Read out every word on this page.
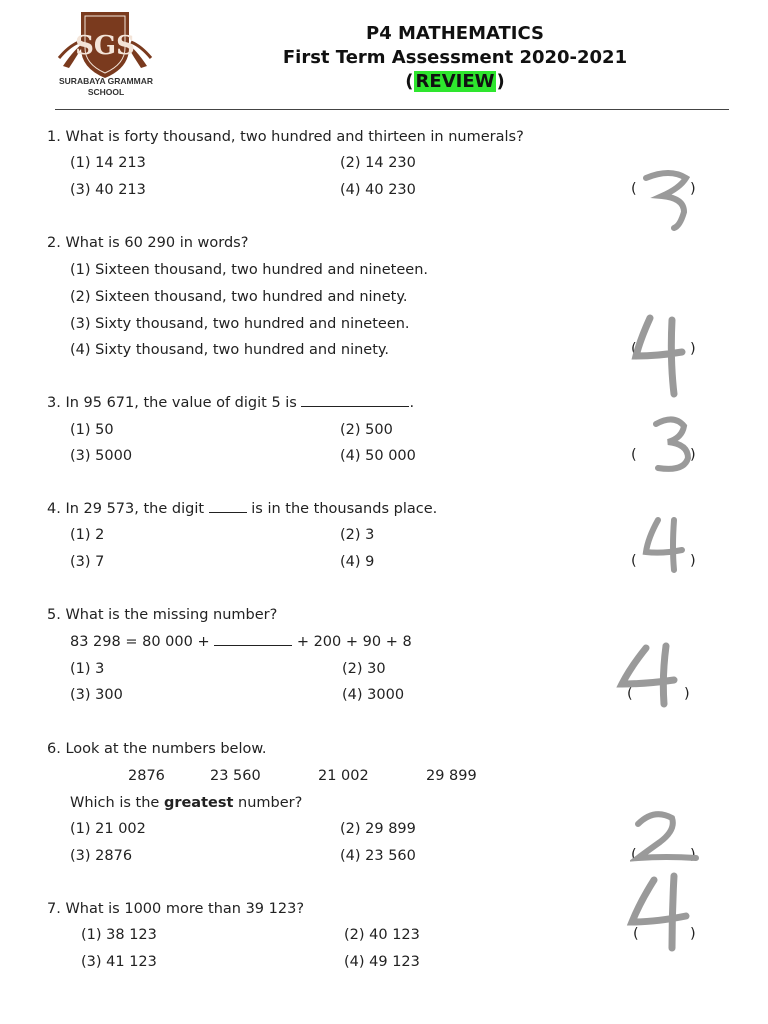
SGS
SURABAYA GRAMMAR
SCHOOL
P4 MATHEMATICS
First Term Assessment 2020-2021
( REVIEW )
1. What is forty thousand, two hundred and thirteen in numerals?
(1) 14 213	(2) 14 230
(3) 40 213	(4) 40 230	(	)
2. What is 60 290 in words?
(1) Sixteen thousand, two hundred and nineteen.
(2) Sixteen thousand, two hundred and ninety.
(3) Sixty thousand, two hundred and nineteen.
(4) Sixty thousand, two hundred and ninety.	(	)
3. In 95 671, the value of digit 5 is	.
(1) 50	(2) 500
(3) 5000	(4) 50 000	(	)
4. In 29 573, the digit	is in the thousands place.
(1) 2	(2) 3
(3) 7	(4) 9	(	)
5. What is the missing number?
83 298 = 80 000 +	+ 200 + 90 + 8
(1) 3	(2) 30
(3) 300	(4) 3000	(	)
6. Look at the numbers below.
2876	23 560	21 002	29 899
Which is the greatest number?
(1) 21 002	(2) 29 899
(3) 2876	(4) 23 560	(	)
7. What is 1000 more than 39 123?
(1) 38 123	(2) 40 123
(3) 41 123	(4) 49 123
(	)
